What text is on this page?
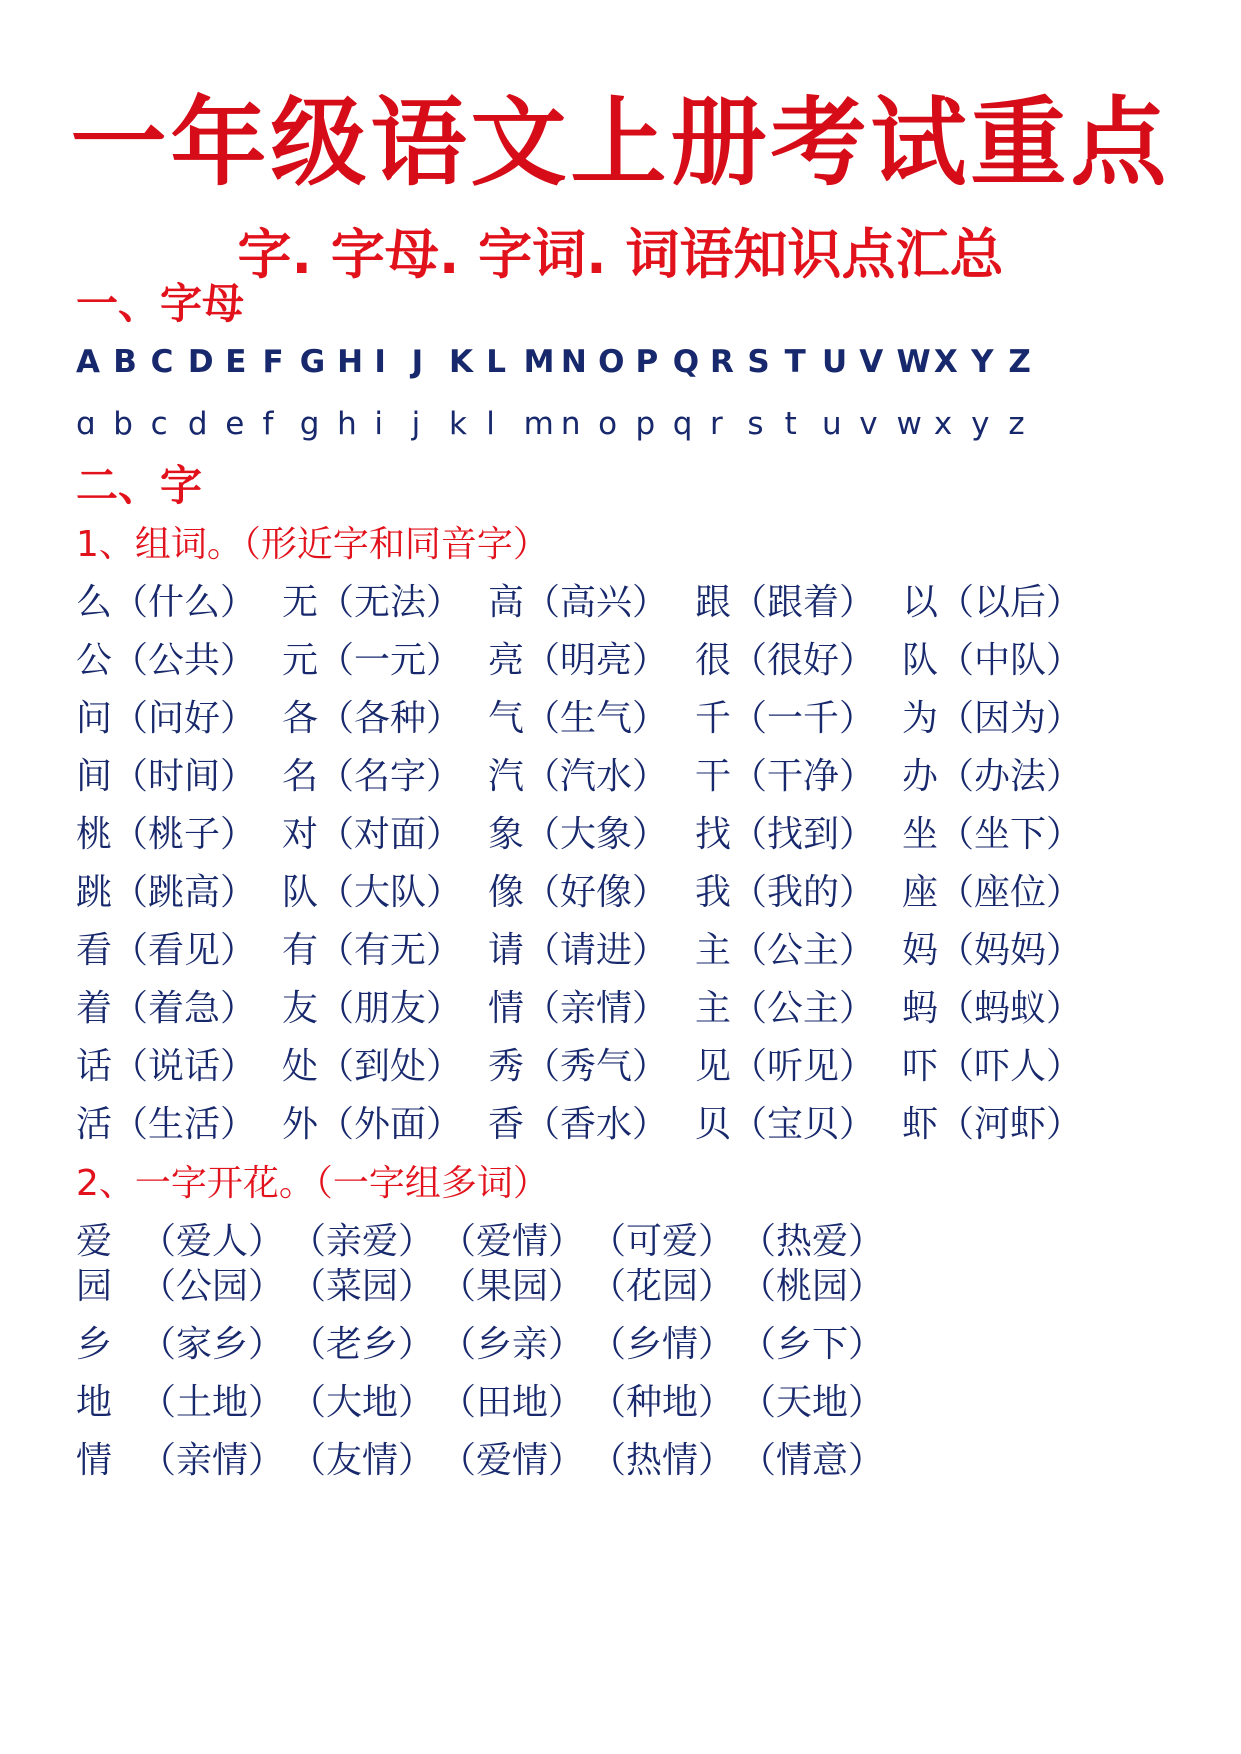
一年级语文上册考试重点
字. 字母. 字词. 词语知识点汇总
一、字母
A B C D E F G H I J K L M N O P Q R S T U V WX Y Z
ɑ b c d e f g h i j k l m n o p q r s t u v w x y z
二、字
1、组词。（形近字和同音字）
么（什么） 无（无法） 高（高兴） 跟（跟着） 以（以后）
公（公共） 元（一元） 亮（明亮） 很（很好） 队（中队）
问（问好） 各（各种） 气（生气） 千（一千） 为（因为）
间（时间） 名（名字） 汽（汽水） 干（干净） 办（办法）
桃（桃子） 对（对面） 象（大象） 找（找到） 坐（坐下）
跳（跳高） 队（大队） 像（好像） 我（我的） 座（座位）
看（看见） 有（有无） 请（请进） 主（公主） 妈（妈妈）
着（着急） 友（朋友） 情（亲情） 主（公主） 蚂（蚂蚁）
话（说话） 处（到处） 秀（秀气） 见（听见） 吓（吓人）
活（生活） 外（外面） 香（香水） 贝（宝贝） 虾（河虾）
2、一字开花。（一字组多词）
爱 （爱人） （亲爱） （爱情） （可爱） （热爱）
园 （公园） （菜园） （果园） （花园） （桃园）
乡 （家乡） （老乡） （乡亲） （乡情） （乡下）
地 （土地） （大地） （田地） （种地） （天地）
情 （亲情） （友情） （爱情） （热情） （情意）
